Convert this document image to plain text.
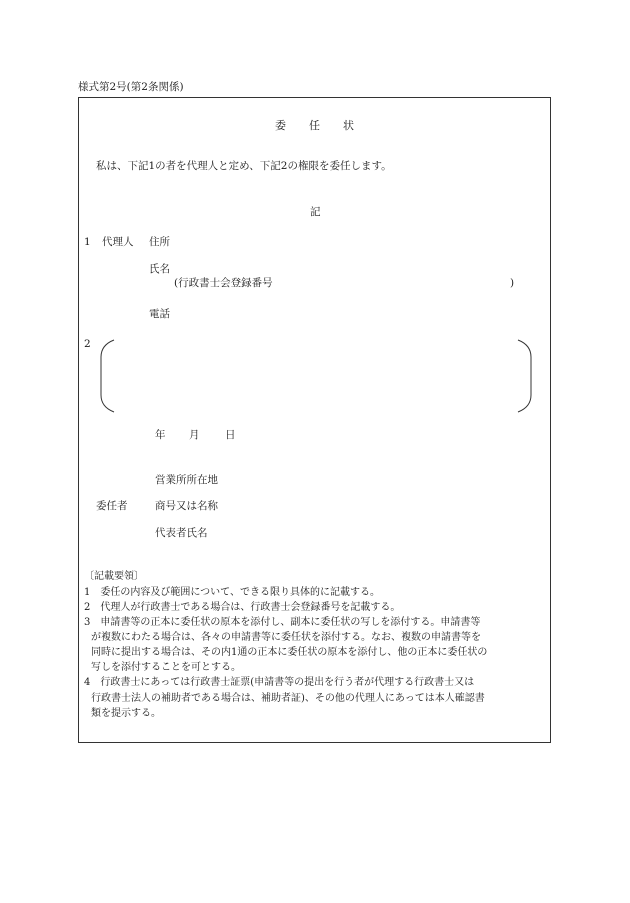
様式第2号(第2条関係)
委 任 状
私は、下記1の者を代理人と定め、下記2の権限を委任します。
記
1 代理人 住所
氏名
(行政書士会登録番号	)
電話
2
年 月 日
営業所所在地
委任者	商号又は名称
代表者氏名
〔記載要領〕
1　委任の内容及び範囲について、できる限り具体的に記載する。
2　代理人が行政書士である場合は、行政書士会登録番号を記載する。
3　申請書等の正本に委任状の原本を添付し、副本に委任状の写しを添付する。申請書等
が複数にわたる場合は、各々の申請書等に委任状を添付する。なお、複数の申請書等を
同時に提出する場合は、その内1通の正本に委任状の原本を添付し、他の正本に委任状の
写しを添付することを可とする。
4　行政書士にあっては行政書士証票(申請書等の提出を行う者が代理する行政書士又は
行政書士法人の補助者である場合は、補助者証)、その他の代理人にあっては本人確認書
類を提示する。
